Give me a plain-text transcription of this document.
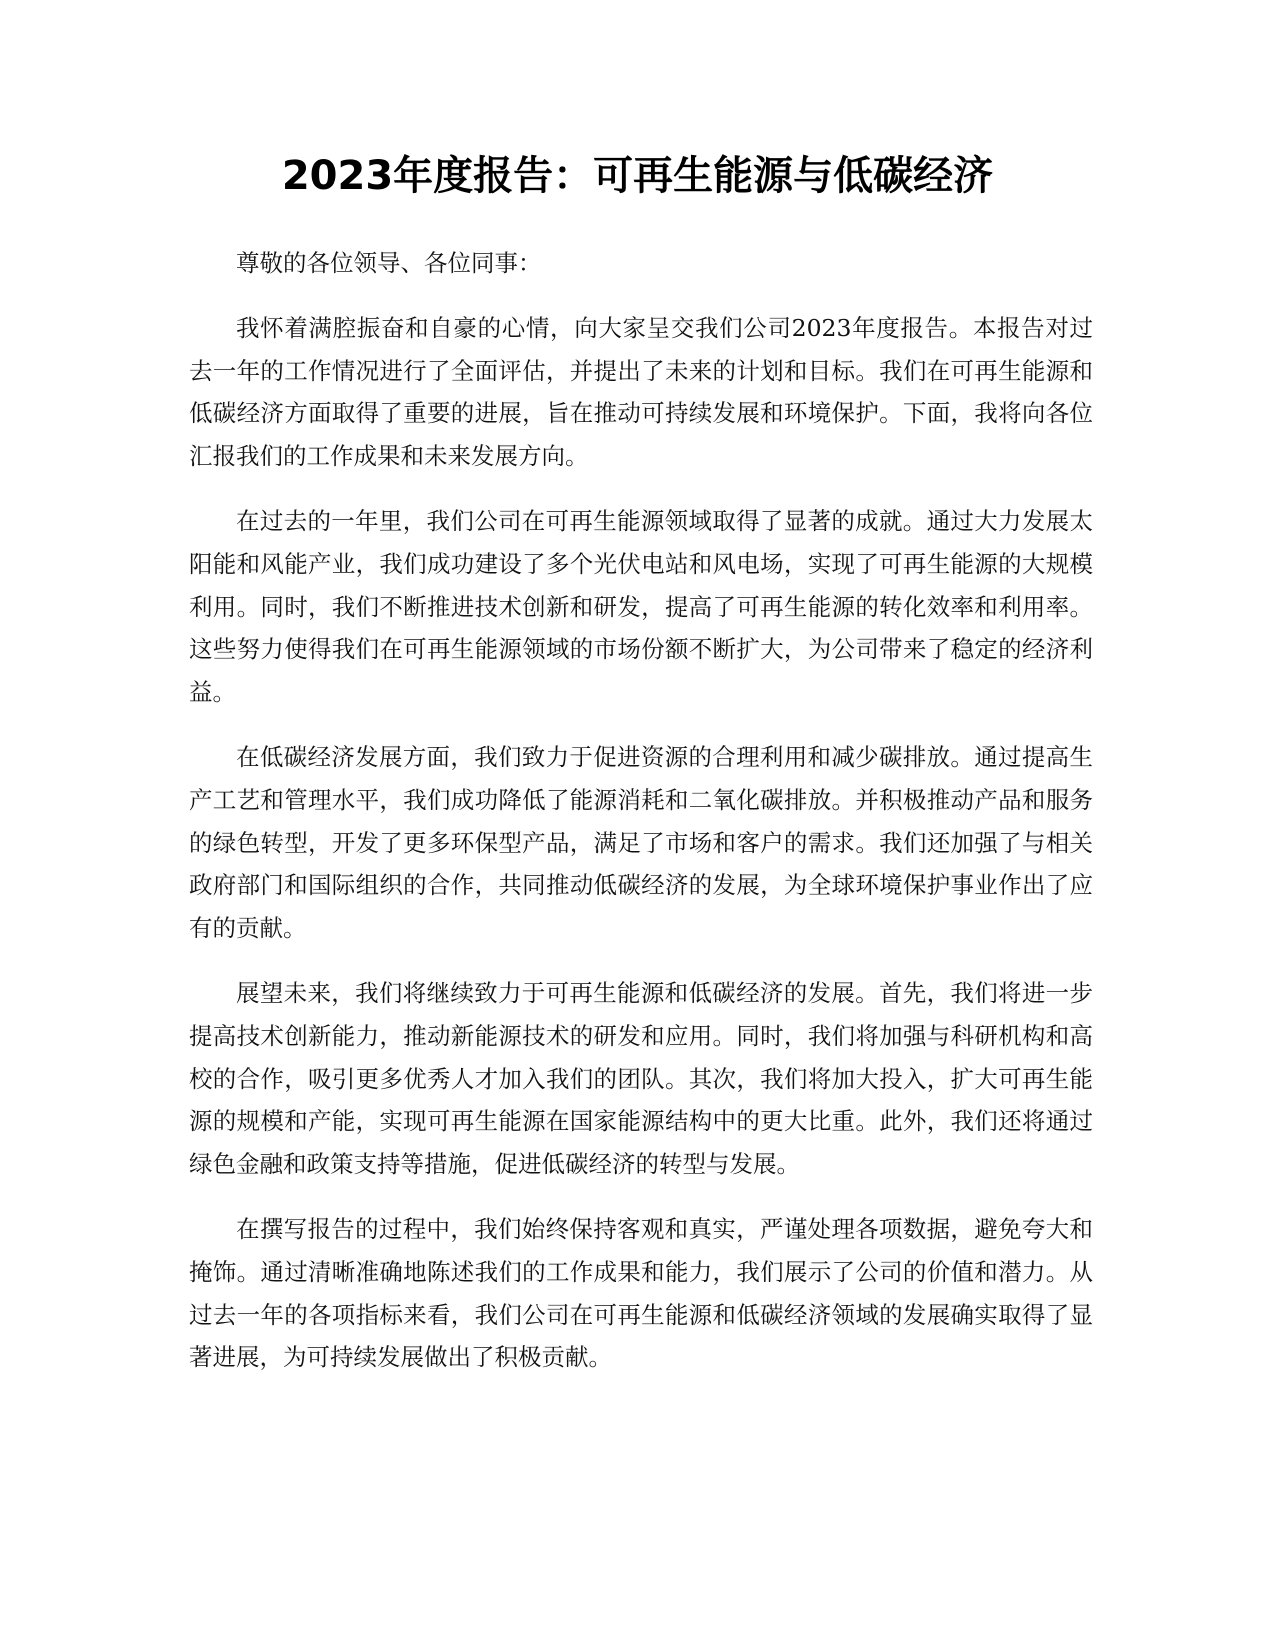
2023年度报告：可再生能源与低碳经济

尊敬的各位领导、各位同事：

我怀着满腔振奋和自豪的心情，向大家呈交我们公司2023年度报告。本报告对过去一年的工作情况进行了全面评估，并提出了未来的计划和目标。我们在可再生能源和低碳经济方面取得了重要的进展，旨在推动可持续发展和环境保护。下面，我将向各位汇报我们的工作成果和未来发展方向。

在过去的一年里，我们公司在可再生能源领域取得了显著的成就。通过大力发展太阳能和风能产业，我们成功建设了多个光伏电站和风电场，实现了可再生能源的大规模利用。同时，我们不断推进技术创新和研发，提高了可再生能源的转化效率和利用率。这些努力使得我们在可再生能源领域的市场份额不断扩大，为公司带来了稳定的经济利益。

在低碳经济发展方面，我们致力于促进资源的合理利用和减少碳排放。通过提高生产工艺和管理水平，我们成功降低了能源消耗和二氧化碳排放。并积极推动产品和服务的绿色转型，开发了更多环保型产品，满足了市场和客户的需求。我们还加强了与相关政府部门和国际组织的合作，共同推动低碳经济的发展，为全球环境保护事业作出了应有的贡献。

展望未来，我们将继续致力于可再生能源和低碳经济的发展。首先，我们将进一步提高技术创新能力，推动新能源技术的研发和应用。同时，我们将加强与科研机构和高校的合作，吸引更多优秀人才加入我们的团队。其次，我们将加大投入，扩大可再生能源的规模和产能，实现可再生能源在国家能源结构中的更大比重。此外，我们还将通过绿色金融和政策支持等措施，促进低碳经济的转型与发展。

在撰写报告的过程中，我们始终保持客观和真实，严谨处理各项数据，避免夸大和掩饰。通过清晰准确地陈述我们的工作成果和能力，我们展示了公司的价值和潜力。从过去一年的各项指标来看，我们公司在可再生能源和低碳经济领域的发展确实取得了显著进展，为可持续发展做出了积极贡献。
